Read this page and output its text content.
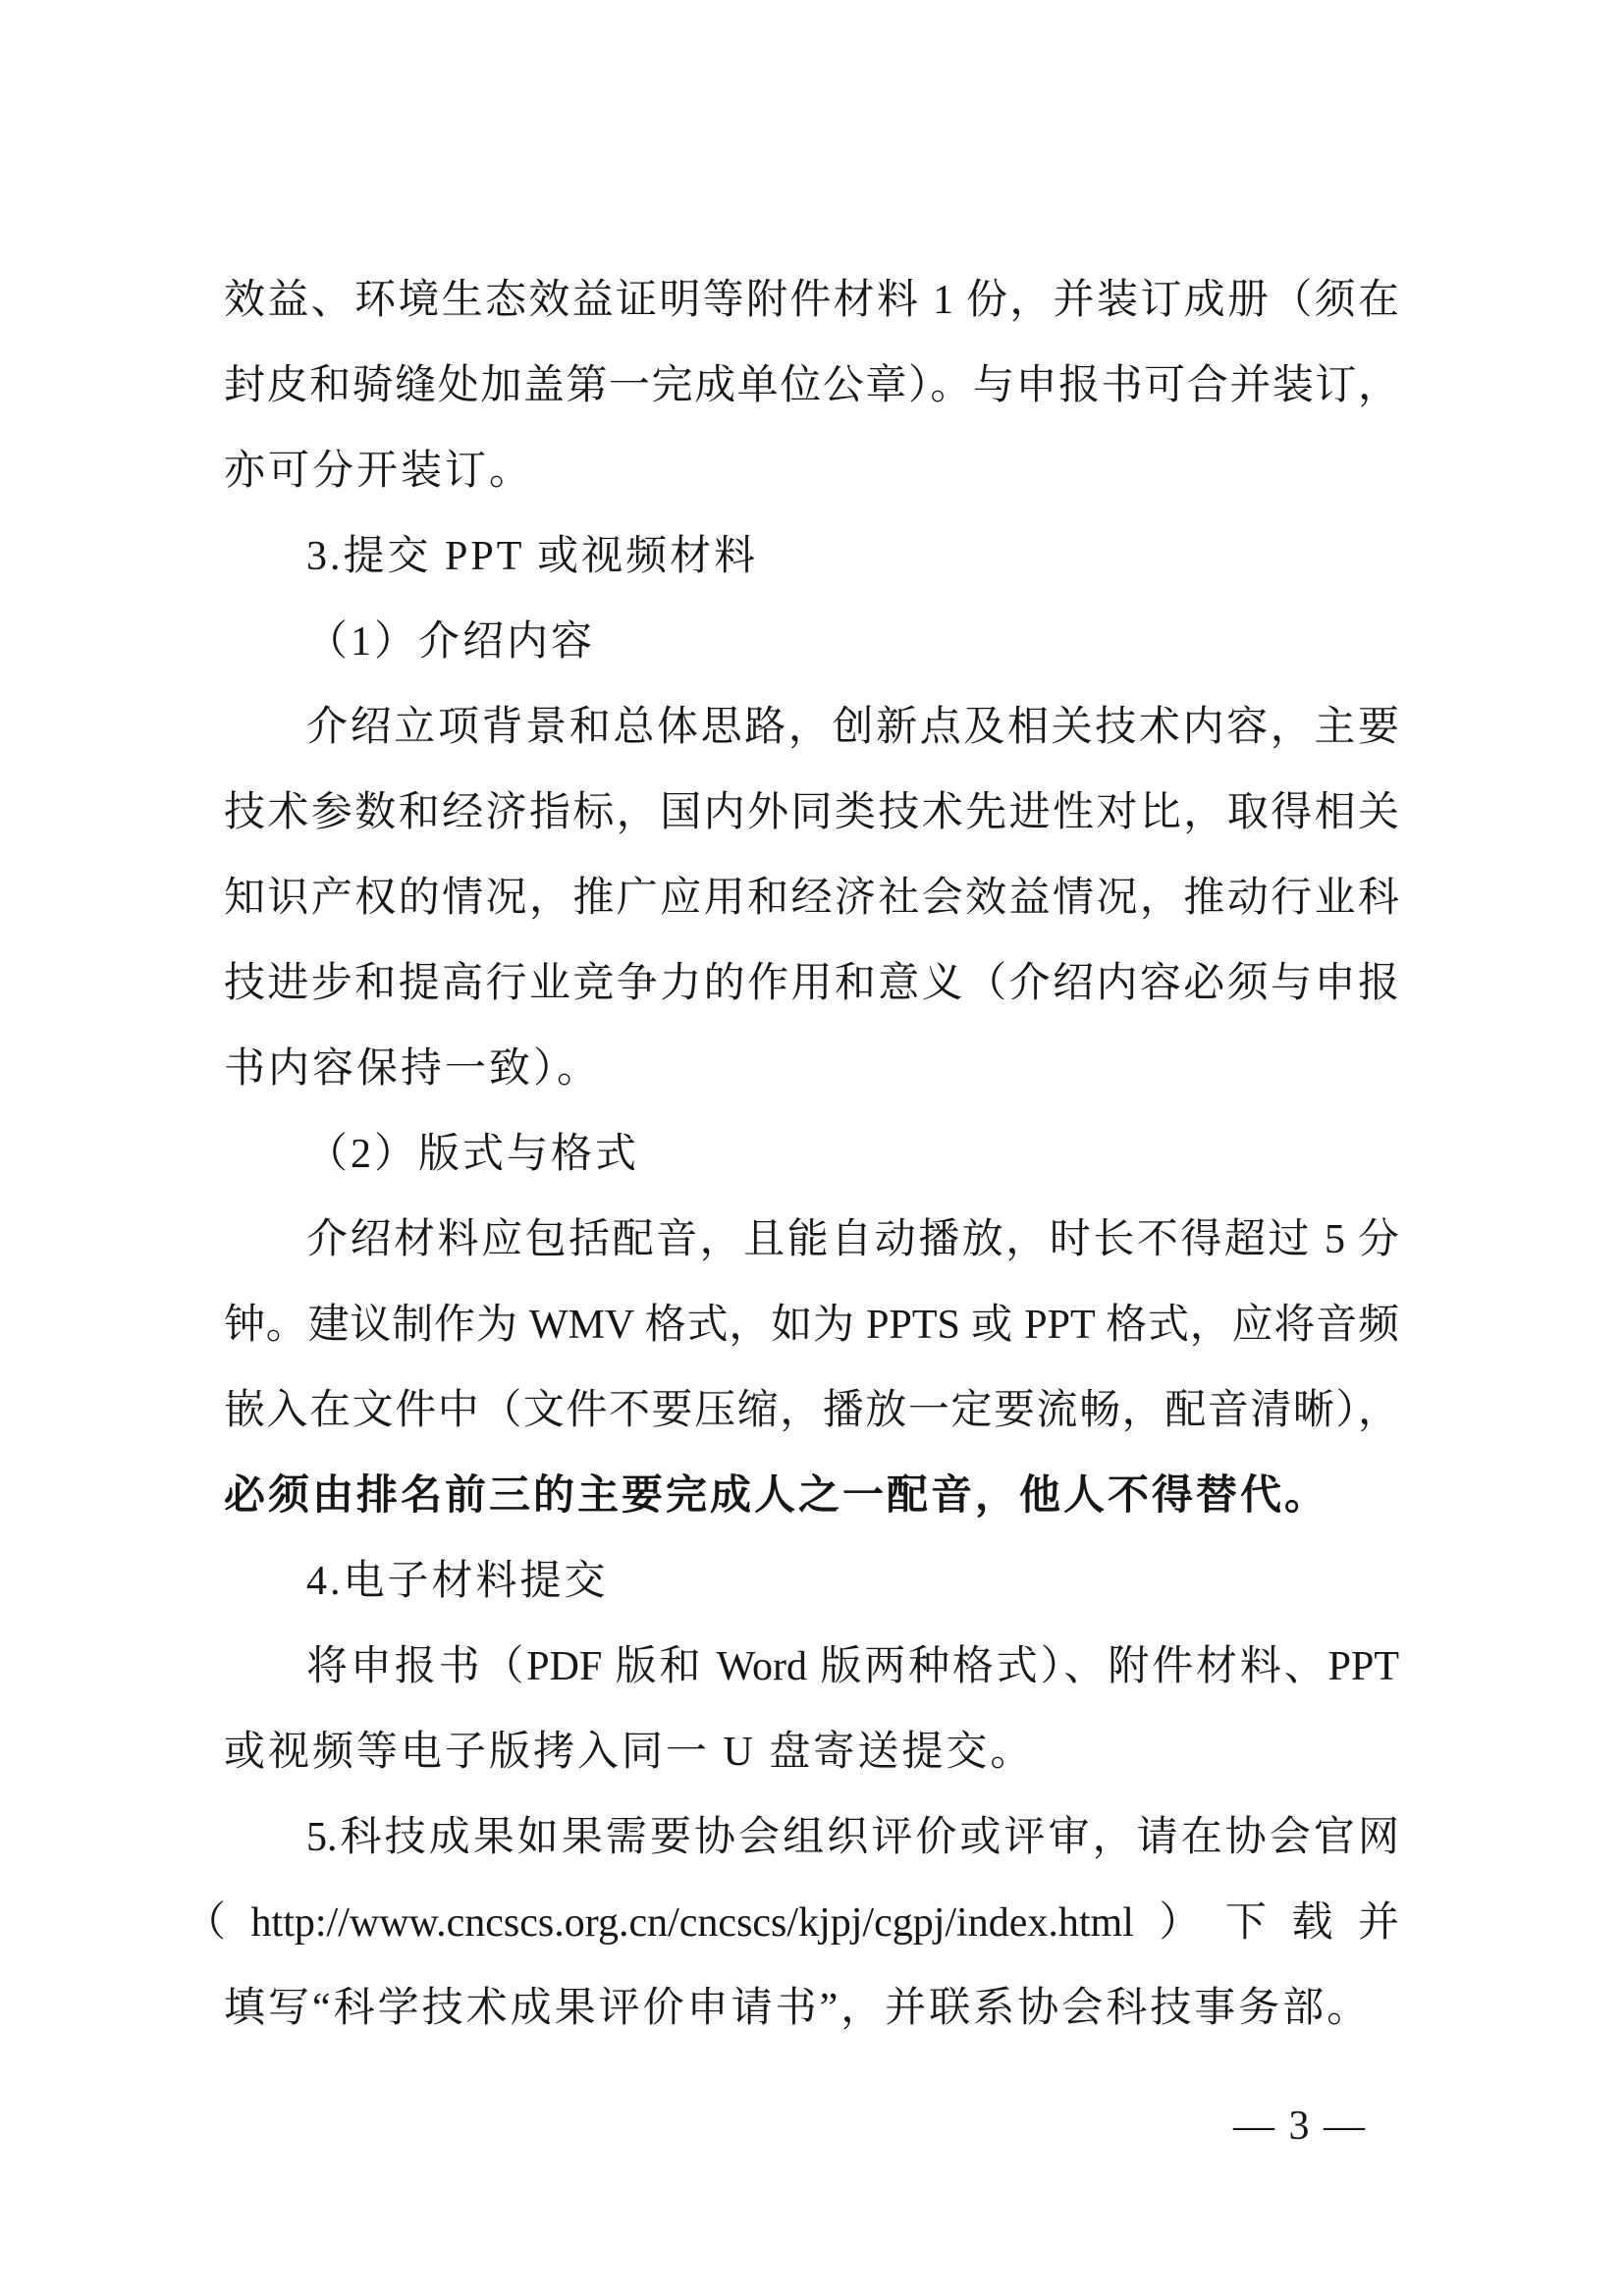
效益、环境生态效益证明等附件材料 1 份，并装订成册（须在
封皮和骑缝处加盖第一完成单位公章）。与申报书可合并装订，
亦可分开装订。
3.提交 PPT 或视频材料
（1）介绍内容
介绍立项背景和总体思路，创新点及相关技术内容，主要
技术参数和经济指标，国内外同类技术先进性对比，取得相关
知识产权的情况，推广应用和经济社会效益情况，推动行业科
技进步和提高行业竞争力的作用和意义（介绍内容必须与申报
书内容保持一致）。
（2）版式与格式
介绍材料应包括配音，且能自动播放，时长不得超过 5 分
钟。建议制作为 WMV 格式，如为 PPTS 或 PPT 格式，应将音频
嵌入在文件中（文件不要压缩，播放一定要流畅，配音清晰），
必须由排名前三的主要完成人之一配音，他人不得替代。
4.电子材料提交
将申报书（PDF 版和 Word 版两种格式）、附件材料、PPT
或视频等电子版拷入同一 U 盘寄送提交。
5.科技成果如果需要协会组织评价或评审，请在协会官网
（http://www.cncscs.org.cn/cncscs/kjpj/cgpj/index.html）下载并
填写“科学技术成果评价申请书”，并联系协会科技事务部。
— 3 —
